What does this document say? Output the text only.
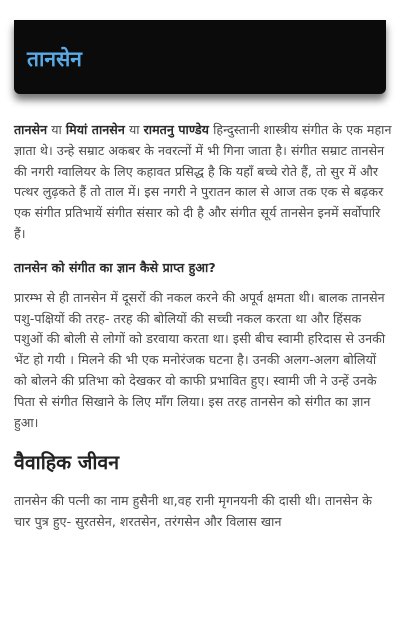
तानसेन

तानसेन या मियां तानसेन या रामतनु पाण्डेय हिन्दुस्तानी शास्त्रीय संगीत के एक महान ज्ञाता थे। उन्हे सम्राट अकबर के नवरत्नों में भी गिना जाता है। संगीत सम्राट तानसेन की नगरी ग्वालियर के लिए कहावत प्रसिद्ध है कि यहाँ बच्चे रोते हैं, तो सुर में और पत्थर लुढ़कते हैं तो ताल में। इस नगरी ने पुरातन काल से आज तक एक से बढ़कर एक संगीत प्रतिभायें संगीत संसार को दी है और संगीत सूर्य तानसेन इनमें सर्वोपारि हैं।

तानसेन को संगीत का ज्ञान कैसे प्राप्त हुआ?

प्रारम्भ से ही तानसेन में दूसरों की नकल करने की अपूर्व क्षमता थी। बालक तानसेन पशु-पक्षियों की तरह- तरह की बोलियों की सच्ची नकल करता था और हिंसक पशुओं की बोली से लोगों को डरवाया करता था। इसी बीच स्वामी हरिदास से उनकी भेंट हो गयी । मिलने की भी एक मनोरंजक घटना है। उनकी अलग-अलग बोलियों को बोलने की प्रतिभा को देखकर वो काफी प्रभावित हुए। स्वामी जी ने उन्हें उनके पिता से संगीत सिखाने के लिए माँग लिया। इस तरह तानसेन को संगीत का ज्ञान हुआ।

वैवाहिक जीवन

तानसेन की पत्नी का नाम हुसैनी था,वह रानी मृगनयनी की दासी थी। तानसेन के चार पुत्र हुए- सुरतसेन, शरतसेन, तरंगसेन और विलास खान
